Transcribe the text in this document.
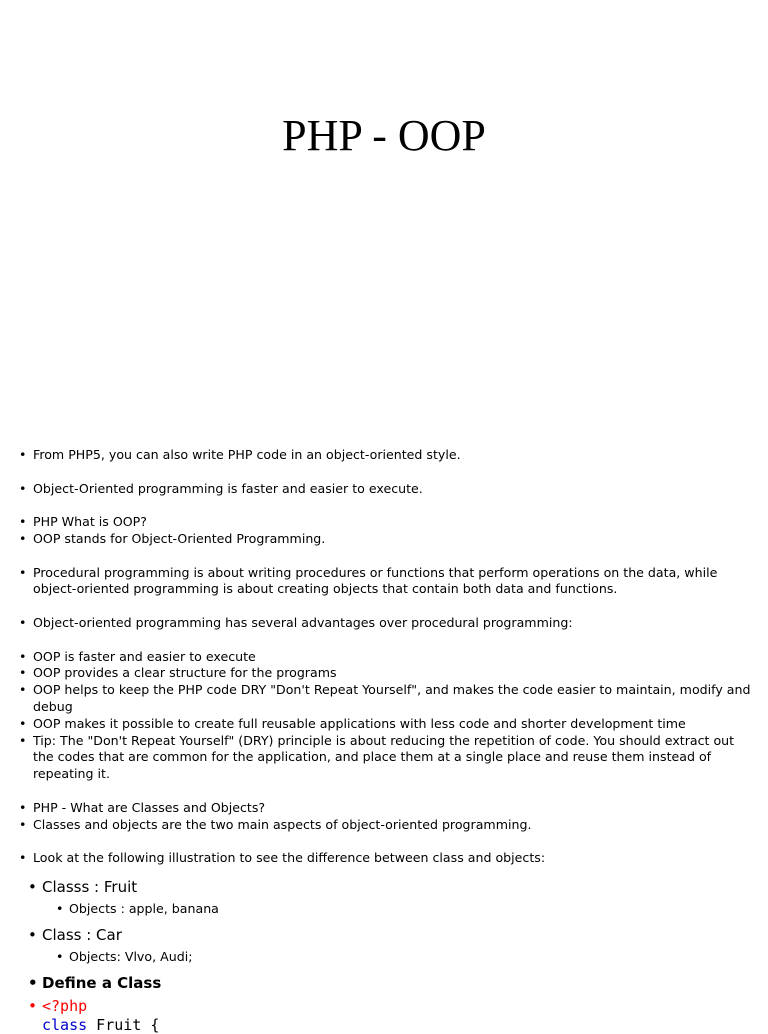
PHP - OOP
• From PHP5, you can also write PHP code in an object-oriented style.
• Object-Oriented programming is faster and easier to execute.
• PHP What is OOP?
• OOP stands for Object-Oriented Programming.
• Procedural programming is about writing procedures or functions that perform operations on the data, while object-oriented programming is about creating objects that contain both data and functions.
• Object-oriented programming has several advantages over procedural programming:
• OOP is faster and easier to execute
• OOP provides a clear structure for the programs
• OOP helps to keep the PHP code DRY "Don't Repeat Yourself", and makes the code easier to maintain, modify and debug
• OOP makes it possible to create full reusable applications with less code and shorter development time
• Tip: The "Don't Repeat Yourself" (DRY) principle is about reducing the repetition of code. You should extract out the codes that are common for the application, and place them at a single place and reuse them instead of repeating it.
• PHP - What are Classes and Objects?
• Classes and objects are the two main aspects of object-oriented programming.
• Look at the following illustration to see the difference between class and objects:
• Classs : Fruit
• Objects : apple, banana
• Class : Car
• Objects: Vlvo, Audi;
• Define a Class
• <?php
class Fruit {
